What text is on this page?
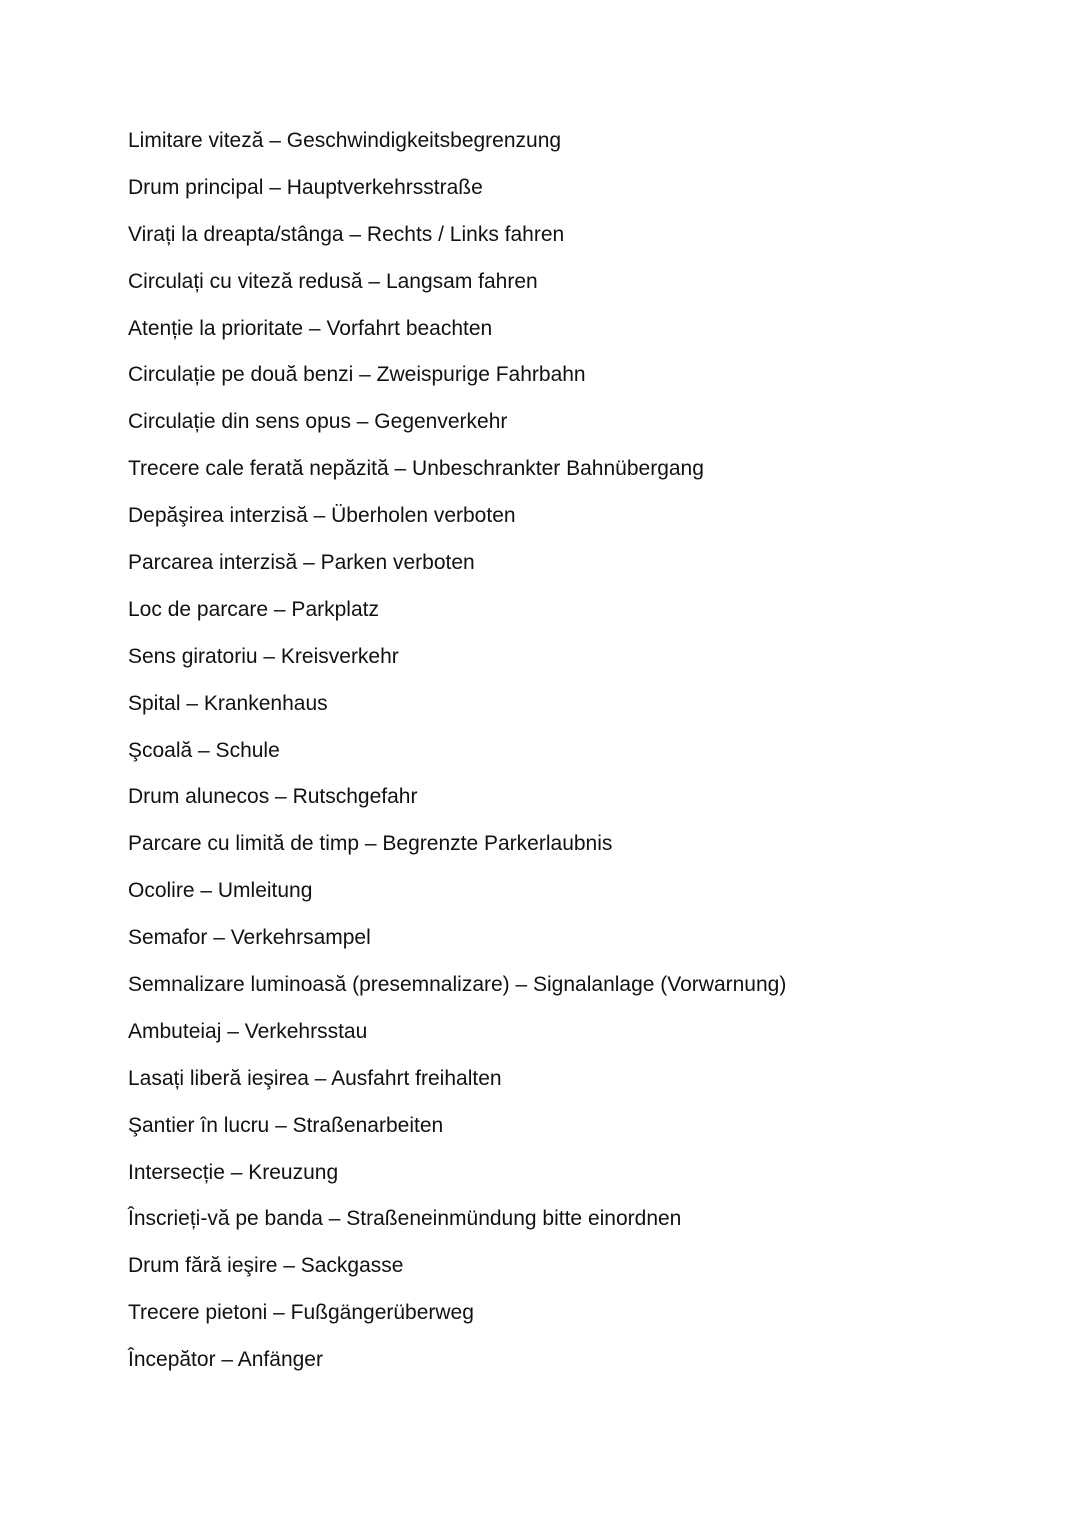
Limitare viteză – Geschwindigkeitsbegrenzung
Drum principal – Hauptverkehrsstraße
Virați la dreapta/stânga – Rechts / Links fahren
Circulați cu viteză redusă – Langsam fahren
Atenție la prioritate – Vorfahrt beachten
Circulație pe două benzi – Zweispurige Fahrbahn
Circulație din sens opus – Gegenverkehr
Trecere cale ferată nepăzită – Unbeschrankter Bahnübergang
Depăşirea interzisă – Überholen verboten
Parcarea interzisă – Parken verboten
Loc de parcare – Parkplatz
Sens giratoriu – Kreisverkehr
Spital – Krankenhaus
Şcoală – Schule
Drum alunecos – Rutschgefahr
Parcare cu limită de timp – Begrenzte Parkerlaubnis
Ocolire – Umleitung
Semafor – Verkehrsampel
Semnalizare luminoasă (presemnalizare) – Signalanlage (Vorwarnung)
Ambuteiaj – Verkehrsstau
Lasați liberă ieşirea – Ausfahrt freihalten
Şantier în lucru – Straßenarbeiten
Intersecție – Kreuzung
Înscrieți-vă pe banda – Straßeneinmündung bitte einordnen
Drum fără ieşire – Sackgasse
Trecere pietoni – Fußgängerüberweg
Începător – Anfänger
